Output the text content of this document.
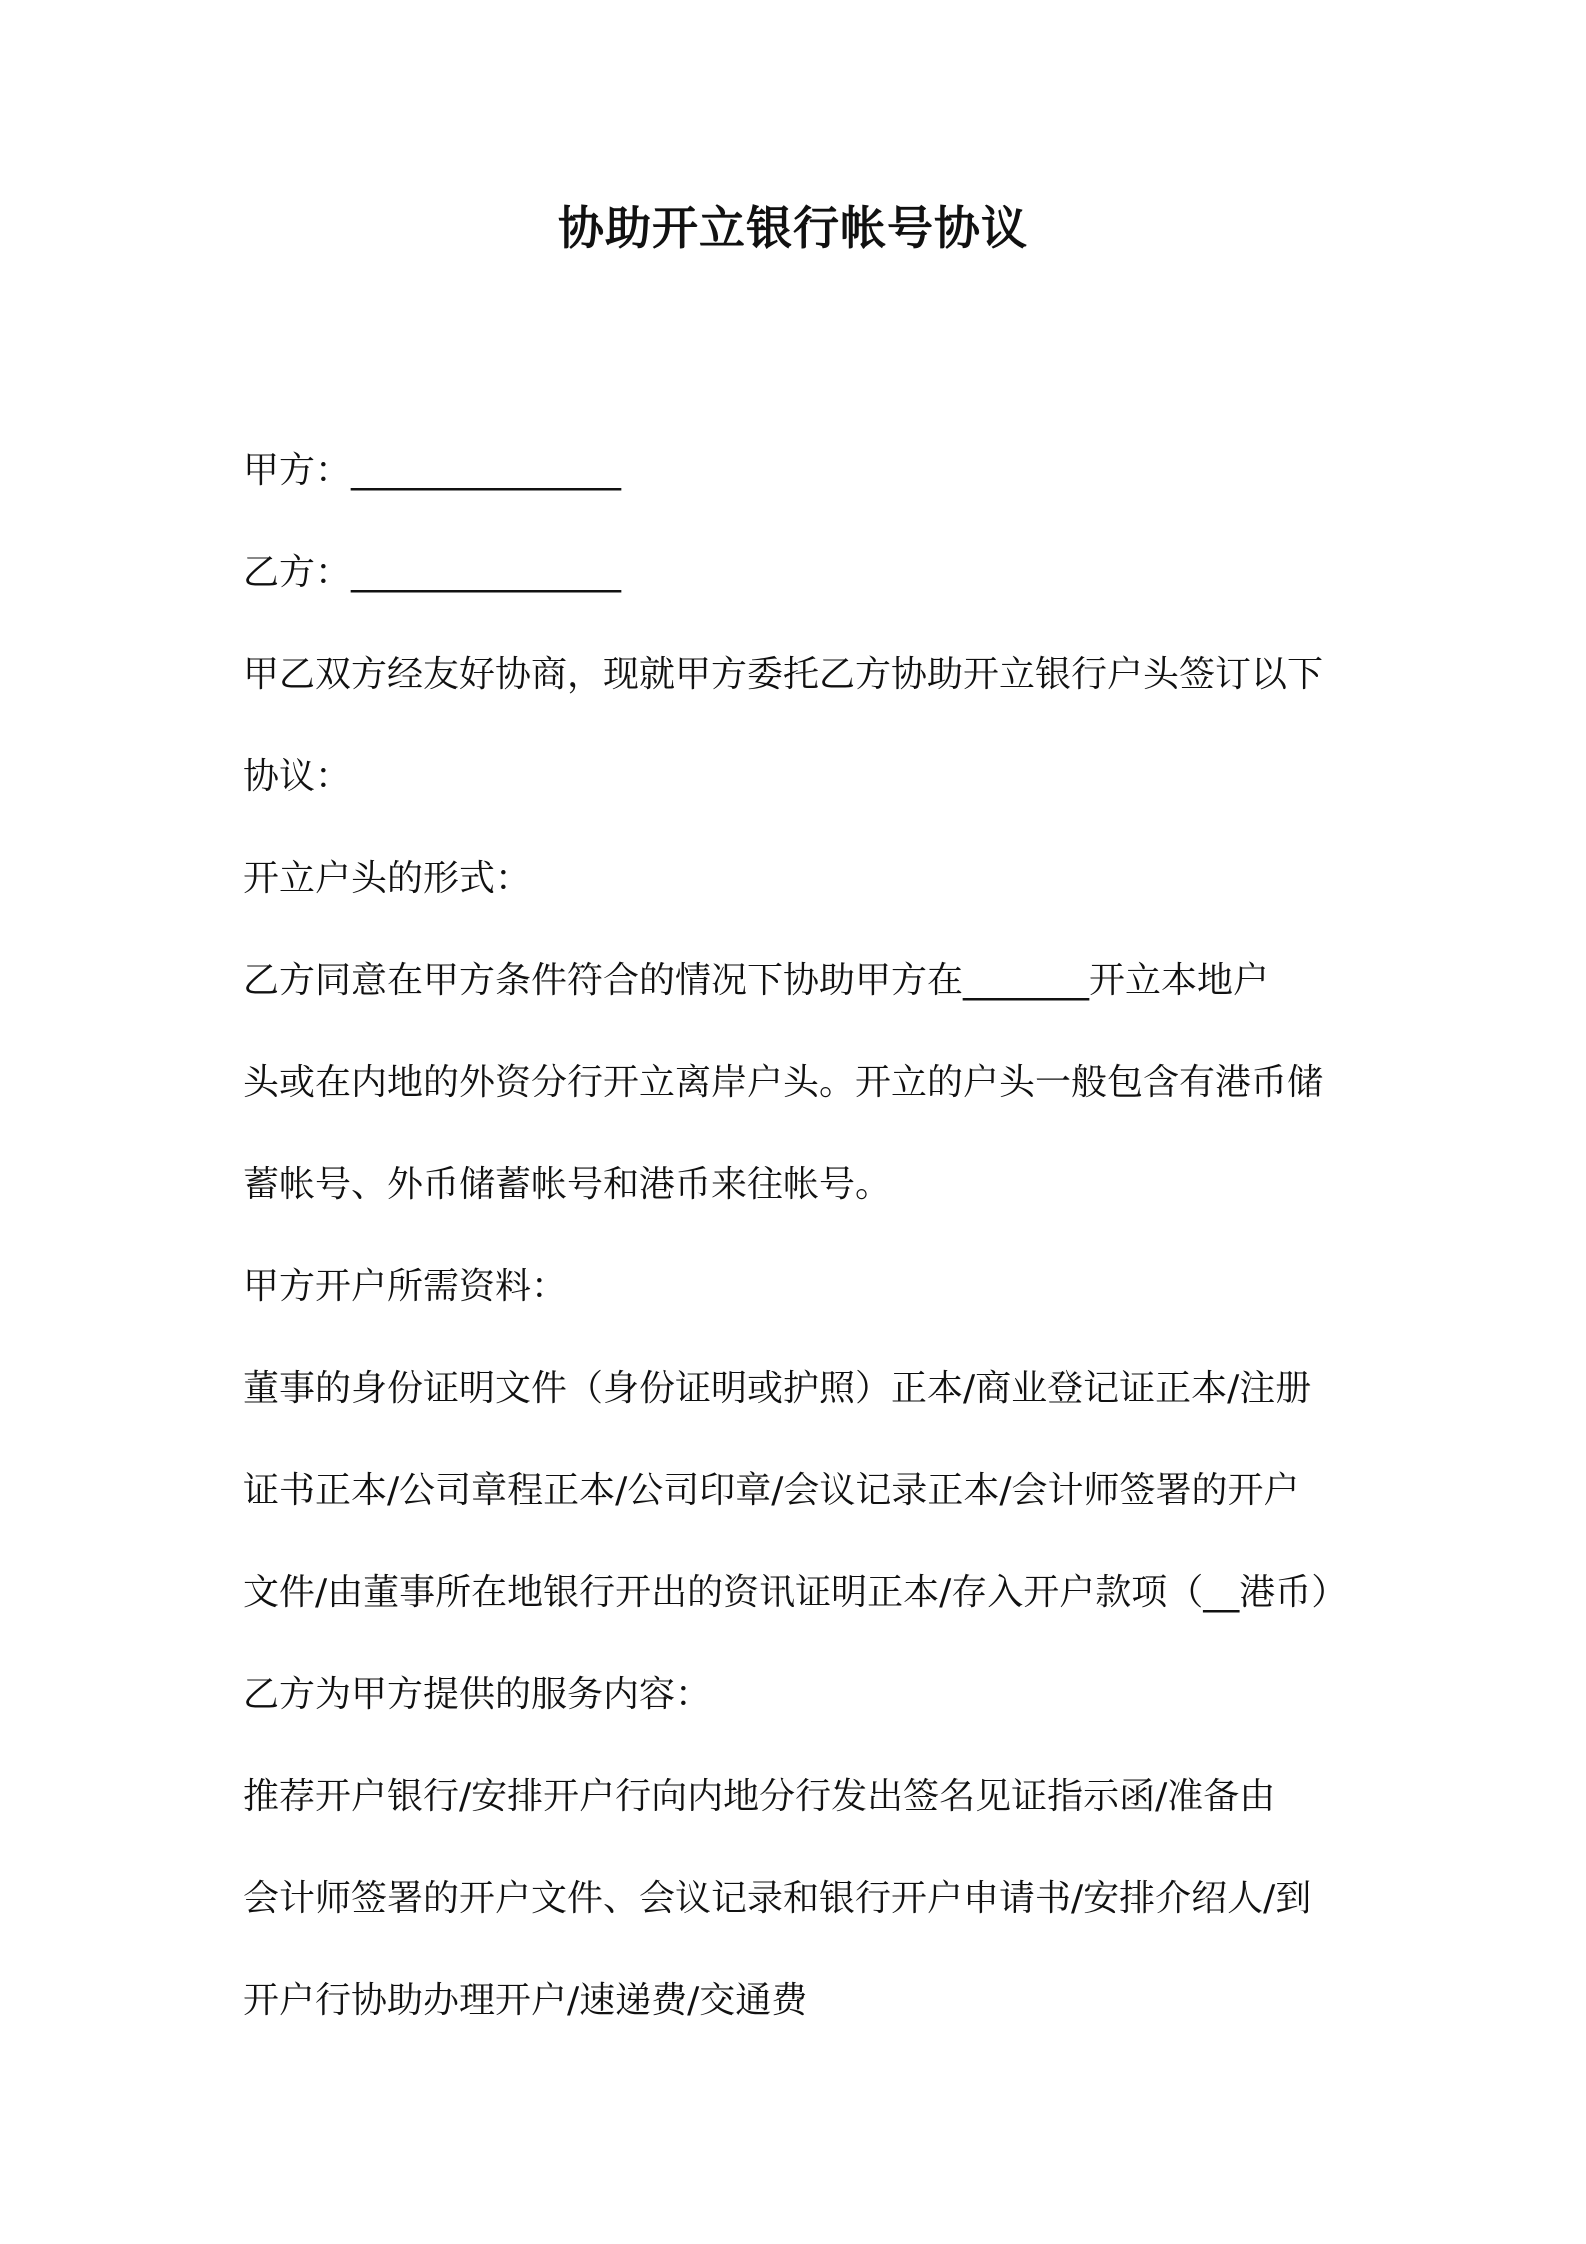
协助开立银行帐号协议
甲方：_______________
乙方：_______________
甲乙双方经友好协商，现就甲方委托乙方协助开立银行户头签订以下
协议：
开立户头的形式：
乙方同意在甲方条件符合的情况下协助甲方在_______开立本地户
头或在内地的外资分行开立离岸户头。开立的户头一般包含有港币储
蓄帐号、外币储蓄帐号和港币来往帐号。
甲方开户所需资料：
董事的身份证明文件（身份证明或护照）正本/商业登记证正本/注册
证书正本/公司章程正本/公司印章/会议记录正本/会计师签署的开户
文件/由董事所在地银行开出的资讯证明正本/存入开户款项（__港币）
乙方为甲方提供的服务内容：
推荐开户银行/安排开户行向内地分行发出签名见证指示函/准备由
会计师签署的开户文件、会议记录和银行开户申请书/安排介绍人/到
开户行协助办理开户/速递费/交通费
